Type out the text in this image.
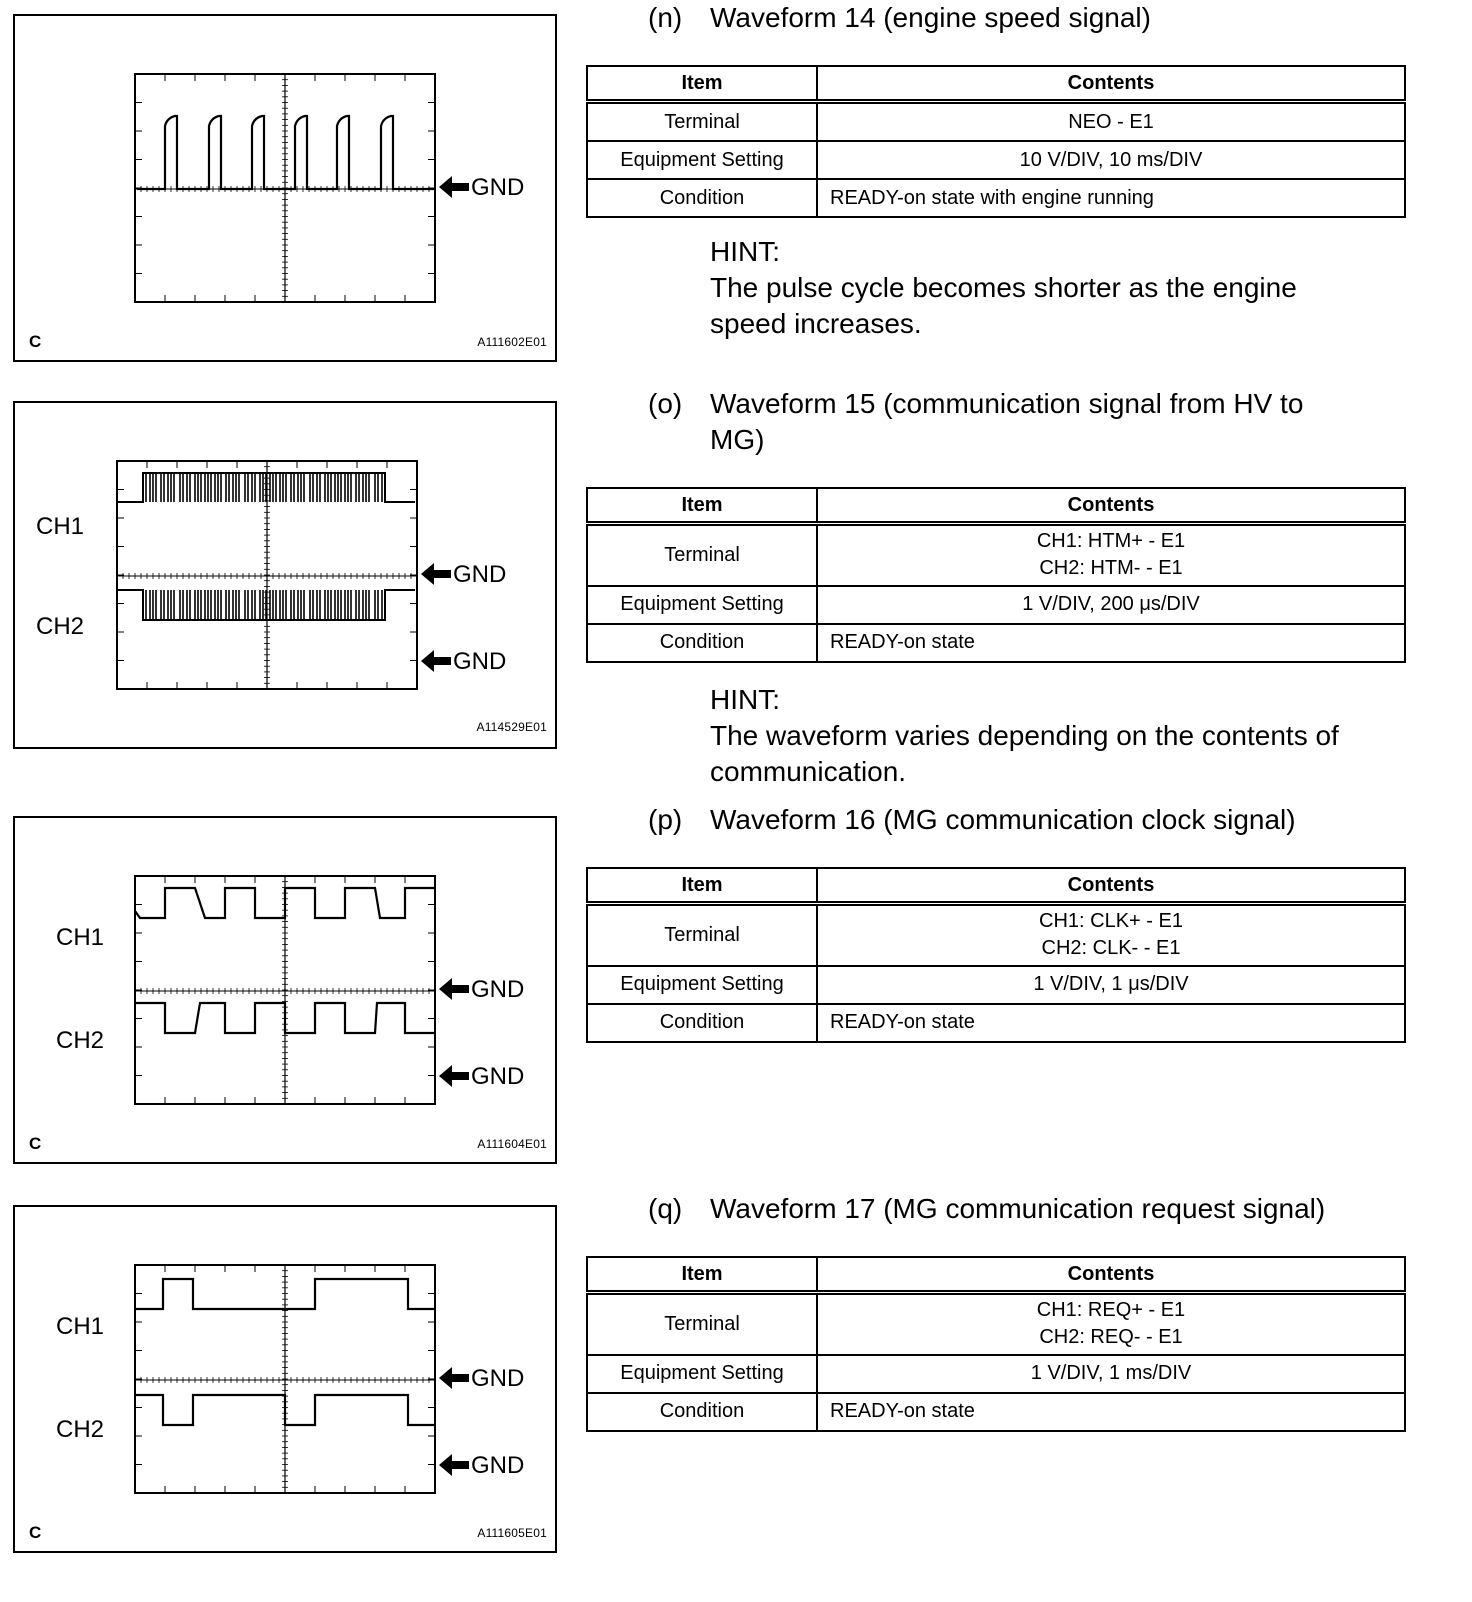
GND
C	A111602E01
CH1
CH2
GND
GND
A114529E01
CH1
CH2
GND
GND
C	A111604E01
CH1
CH2
GND
GND
C	A111605E01
(n) Waveform 14 (engine speed signal)
Item	Contents
Terminal	NEO - E1
Equipment Setting	10 V/DIV, 10 ms/DIV
Condition	READY-on state with engine running
HINT:
The pulse cycle becomes shorter as the engine speed increases.
(o) Waveform 15 (communication signal from HV to MG)
Item	Contents
Terminal	CH1: HTM+ - E1
CH2: HTM- - E1

Equipment Setting	1 V/DIV, 200 μs/DIV
Condition	READY-on state
HINT:
The waveform varies depending on the contents of communication.
(p) Waveform 16 (MG communication clock signal)
Item	Contents
Terminal	CH1: CLK+ - E1
CH2: CLK- - E1

Equipment Setting	1 V/DIV, 1 μs/DIV
Condition	READY-on state
(q) Waveform 17 (MG communication request signal)
Item	Contents
Terminal	CH1: REQ+ - E1
CH2: REQ- - E1

Equipment Setting	1 V/DIV, 1 ms/DIV
Condition	READY-on state
